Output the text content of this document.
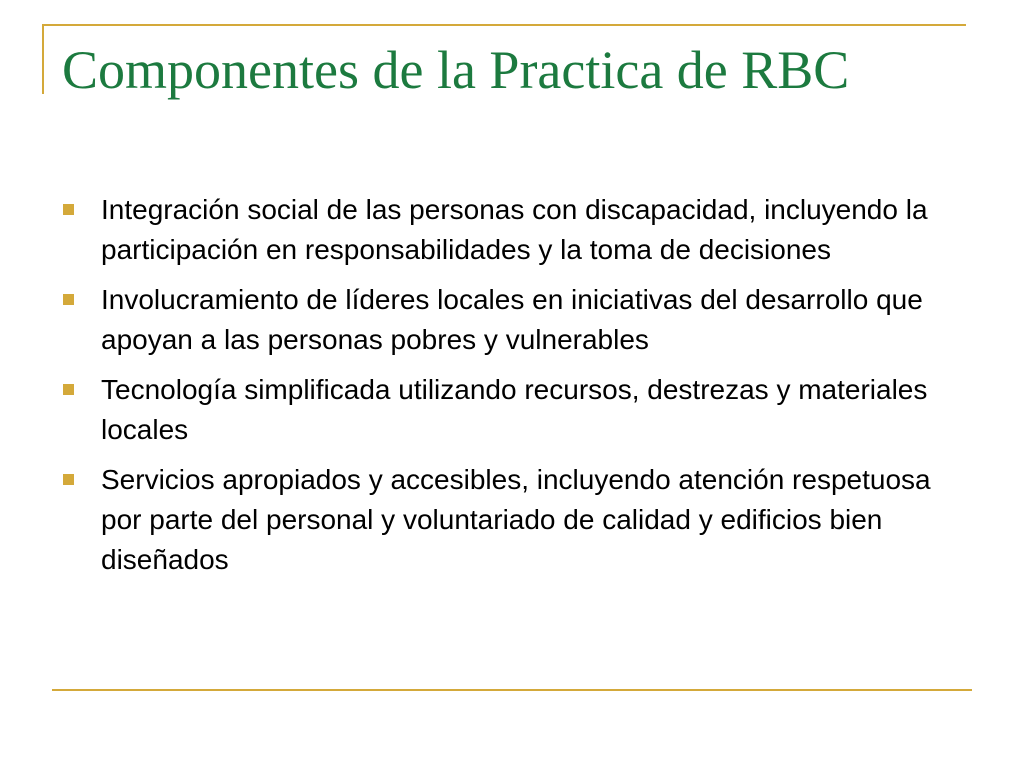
Componentes de la Practica de RBC
Integración social de las personas con discapacidad, incluyendo la participación en responsabilidades y la toma de decisiones
Involucramiento de líderes locales en iniciativas del desarrollo que apoyan a las personas pobres y vulnerables
Tecnología simplificada utilizando recursos, destrezas y materiales locales
Servicios apropiados y accesibles, incluyendo atención respetuosa por parte del personal y voluntariado de calidad y edificios bien diseñados
